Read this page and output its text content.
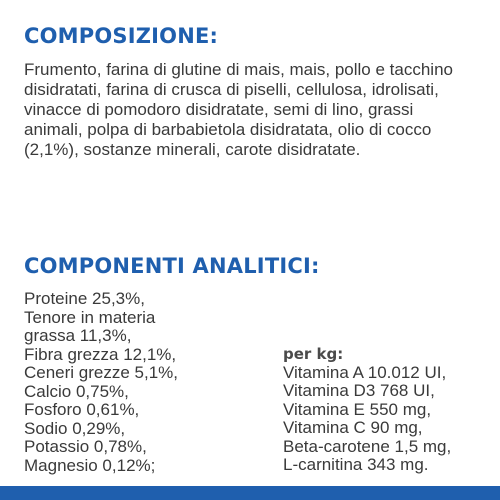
COMPOSIZIONE:

Frumento, farina di glutine di mais, mais, pollo e tacchino disidratati, farina di crusca di piselli, cellulosa, idrolisati, vinacce di pomodoro disidratate, semi di lino, grassi animali, polpa di barbabietola disidratata, olio di cocco (2,1%), sostanze minerali, carote disidratate.

COMPONENTI ANALITICI:
Proteine 25,3%,
Tenore in materia
grassa 11,3%,
Fibra grezza 12,1%,
Ceneri grezze 5,1%,
Calcio 0,75%,
Fosforo 0,61%,
Sodio 0,29%,
Potassio 0,78%,
Magnesio 0,12%;
per kg:
Vitamina A 10.012 UI,
Vitamina D3 768 UI,
Vitamina E 550 mg,
Vitamina C 90 mg,
Beta-carotene 1,5 mg,
L-carnitina 343 mg.
